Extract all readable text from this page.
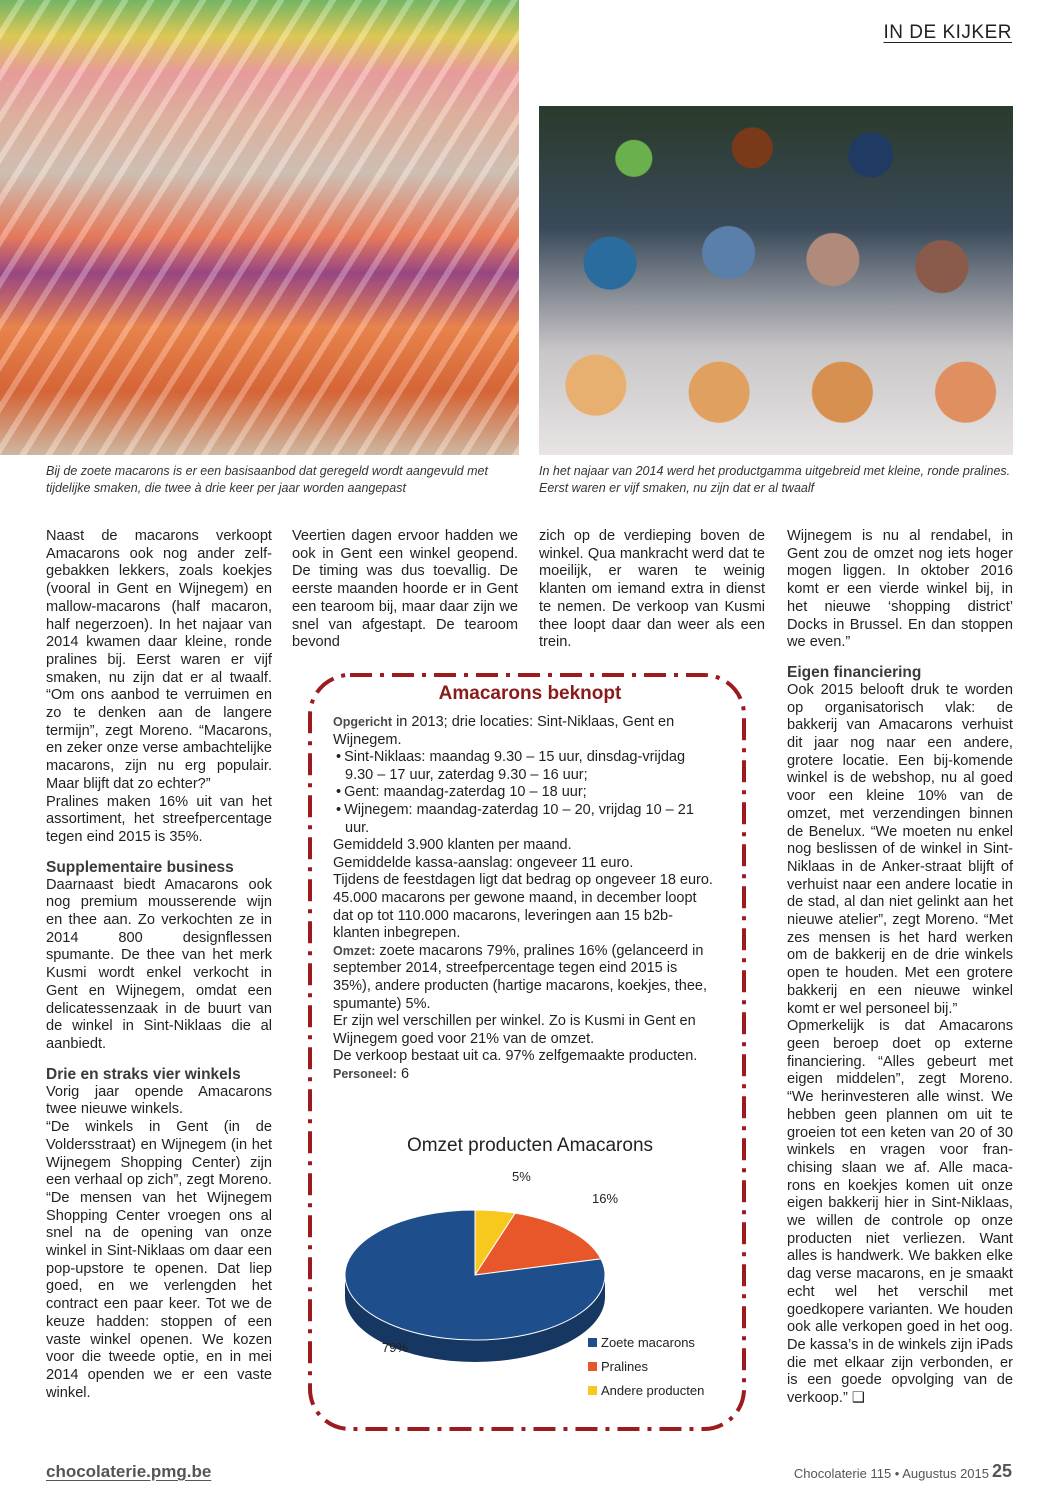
IN DE KIJKER
Bij de zoete macarons is er een basisaanbod dat geregeld wordt aangevuld met tijdelijke smaken, die twee à drie keer per jaar worden aangepast
In het najaar van 2014 werd het productgamma uitgebreid met kleine, ronde pralines. Eerst waren er vijf smaken, nu zijn dat er al twaalf

Naast de macarons verkoopt Amacarons ook nog ander zelf-gebakken lekkers, zoals koekjes (vooral in Gent en Wijnegem) en mallow-macarons (half macaron, half negerzoen). In het najaar van 2014 kwamen daar kleine, ronde pralines bij. Eerst waren er vijf smaken, nu zijn dat er al twaalf. “Om ons aanbod te verruimen en zo te denken aan de langere termijn”, zegt Moreno. “Macarons, en zeker onze verse ambachtelijke macarons, zijn nu erg populair. Maar blijft dat zo echter?”

Pralines maken 16% uit van het assortiment, het streefpercentage tegen eind 2015 is 35%.

Supplementaire business

Daarnaast biedt Amacarons ook nog premium mousserende wijn en thee aan. Zo verkochten ze in 2014 800 designflessen spumante. De thee van het merk Kusmi wordt enkel verkocht in Gent en Wijnegem, omdat een delicatessenzaak in de buurt van de winkel in Sint-Niklaas die al aanbiedt.

Drie en straks vier winkels

Vorig jaar opende Amacarons twee nieuwe winkels.

“De winkels in Gent (in de Voldersstraat) en Wijnegem (in het Wijnegem Shopping Center) zijn een verhaal op zich”, zegt Moreno. “De mensen van het Wijnegem Shopping Center vroegen ons al snel na de opening van onze winkel in Sint-Niklaas om daar een pop-upstore te openen. Dat liep goed, en we verlengden het contract een paar keer. Tot we de keuze hadden: stoppen of een vaste winkel openen. We kozen voor die tweede optie, en in mei 2014 openden we er een vaste winkel.

Veertien dagen ervoor hadden we ook in Gent een winkel geopend. De timing was dus toevallig. De eerste maanden hoorde er in Gent een tearoom bij, maar daar zijn we snel van afgestapt. De tearoom bevond

zich op de verdieping boven de winkel. Qua mankracht werd dat te moeilijk, er waren te weinig klanten om iemand extra in dienst te nemen. De verkoop van Kusmi thee loopt daar dan weer als een trein.

Wijnegem is nu al rendabel, in Gent zou de omzet nog iets hoger mogen liggen. In oktober 2016 komt er een vierde winkel bij, in het nieuwe ‘shopping district’ Docks in Brussel. En dan stoppen we even.”

Eigen financiering

Ook 2015 belooft druk te worden op organisatorisch vlak: de bakkerij van Amacarons verhuist dit jaar nog naar een andere, grotere locatie. Een bij-komende winkel is de webshop, nu al goed voor een kleine 10% van de omzet, met verzendingen binnen de Benelux. “We moeten nu enkel nog beslissen of de winkel in Sint-Niklaas in de Anker-straat blijft of verhuist naar een andere locatie in de stad, al dan niet gelinkt aan het nieuwe atelier”, zegt Moreno. “Met zes mensen is het hard werken om de bakkerij en de drie winkels open te houden. Met een grotere bakkerij en een nieuwe winkel komt er wel personeel bij.”

Opmerkelijk is dat Amacarons geen beroep doet op externe financiering. “Alles gebeurt met eigen middelen”, zegt Moreno. “We herinvesteren alle winst. We hebben geen plannen om uit te groeien tot een keten van 20 of 30 winkels en vragen voor fran-chising slaan we af. Alle maca-rons en koekjes komen uit onze eigen bakkerij hier in Sint-Niklaas, we willen de controle op onze producten niet verliezen. Want alles is handwerk. We bakken elke dag verse macarons, en je smaakt echt wel het verschil met goedkopere varianten. We houden ook alle verkopen goed in het oog. De kassa’s in de winkels zijn iPads die met elkaar zijn verbonden, er is een goede opvolging van de verkoop.” ❑

Amacarons beknopt

Opgericht in 2013; drie locaties: Sint-Niklaas, Gent en Wijnegem.

• Sint-Niklaas: maandag 9.30 – 15 uur, dinsdag-vrijdag 9.30 – 17 uur, zaterdag 9.30 – 16 uur;
• Gent: maandag-zaterdag 10 – 18 uur;
• Wijnegem: maandag-zaterdag 10 – 20, vrijdag 10 – 21 uur.

Gemiddeld 3.900 klanten per maand.

Gemiddelde kassa-aanslag: ongeveer 11 euro.

Tijdens de feestdagen ligt dat bedrag op ongeveer 18 euro.

45.000 macarons per gewone maand, in december loopt dat op tot 110.000 macarons, leveringen aan 15 b2b-klanten inbegrepen.

Omzet: zoete macarons 79%, pralines 16% (gelanceerd in september 2014, streefpercentage tegen eind 2015 is 35%), andere producten (hartige macarons, koekjes, thee, spumante) 5%.

Er zijn wel verschillen per winkel. Zo is Kusmi in Gent en Wijnegem goed voor 21% van de omzet.

De verkoop bestaat uit ca. 97% zelfgemaakte producten.

Personeel: 6

Omzet producten Amacarons
79%
16%
5%
Zoete macarons
Pralines
Andere producten
chocolaterie.pmg.be	Chocolaterie 115 • Augustus 2015 25
